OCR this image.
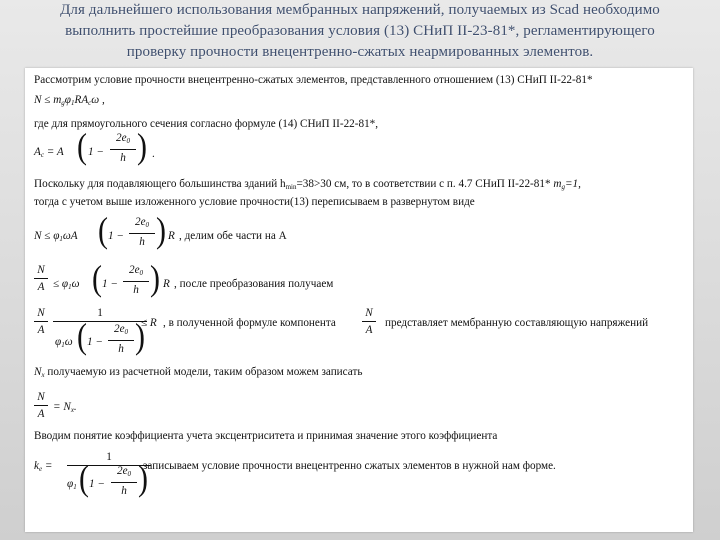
Для дальнейшего использования мембранных напряжений, получаемых из Scad необходимо
выполнить простейшие преобразования условия (13) СНиП II-23-81*, регламентирующего
проверку прочности внецентренно-сжатых неармированных элементов.
Рассмотрим условие прочности внецентренно-сжатых элементов, представленного отношением (13) СНиП II-22-81*
$N \le m_g\varphi_1RA_c\omega$ ,
где для прямоугольного сечения согласно формуле (14) СНиП II-22-81*,
$A_c = A$ ( 1 −
$2e_0$
h ) .
Поскольку для подавляющего большинства зданий $h_{min}=38>30$ см, то в соответствии с п. 4.7 СНиП II-22-81* $m_g=1$,
тогда с учетом выше изложенного условие прочности(13) переписываем в развернутом виде
$N \le \varphi_1\omega A$ ( 1 −
$2e_0$
h ) R , делим обе части на А
N
$A \le \varphi_1\omega$ ( 1 −
$2e_0$
h ) R , после преобразования получаем
N
A
1
$\varphi_1\omega$ ( 1 −
$2e_0$
h )
≤ R , в полученной формуле компонента
N
A
представляет мембранную составляющую напряжений
$N_x$ получаемую из расчетной модели, таким образом можем записать
N
A
= $N_x$.
Вводим понятие коэффициента учета эксцентриситета и принимая значение этого коэффициента
$k_e$ =
1
$\varphi_1$ ( 1 −
$2e_0$
h )
записываем условие прочности внецентренно сжатых элементов в нужной нам форме.
